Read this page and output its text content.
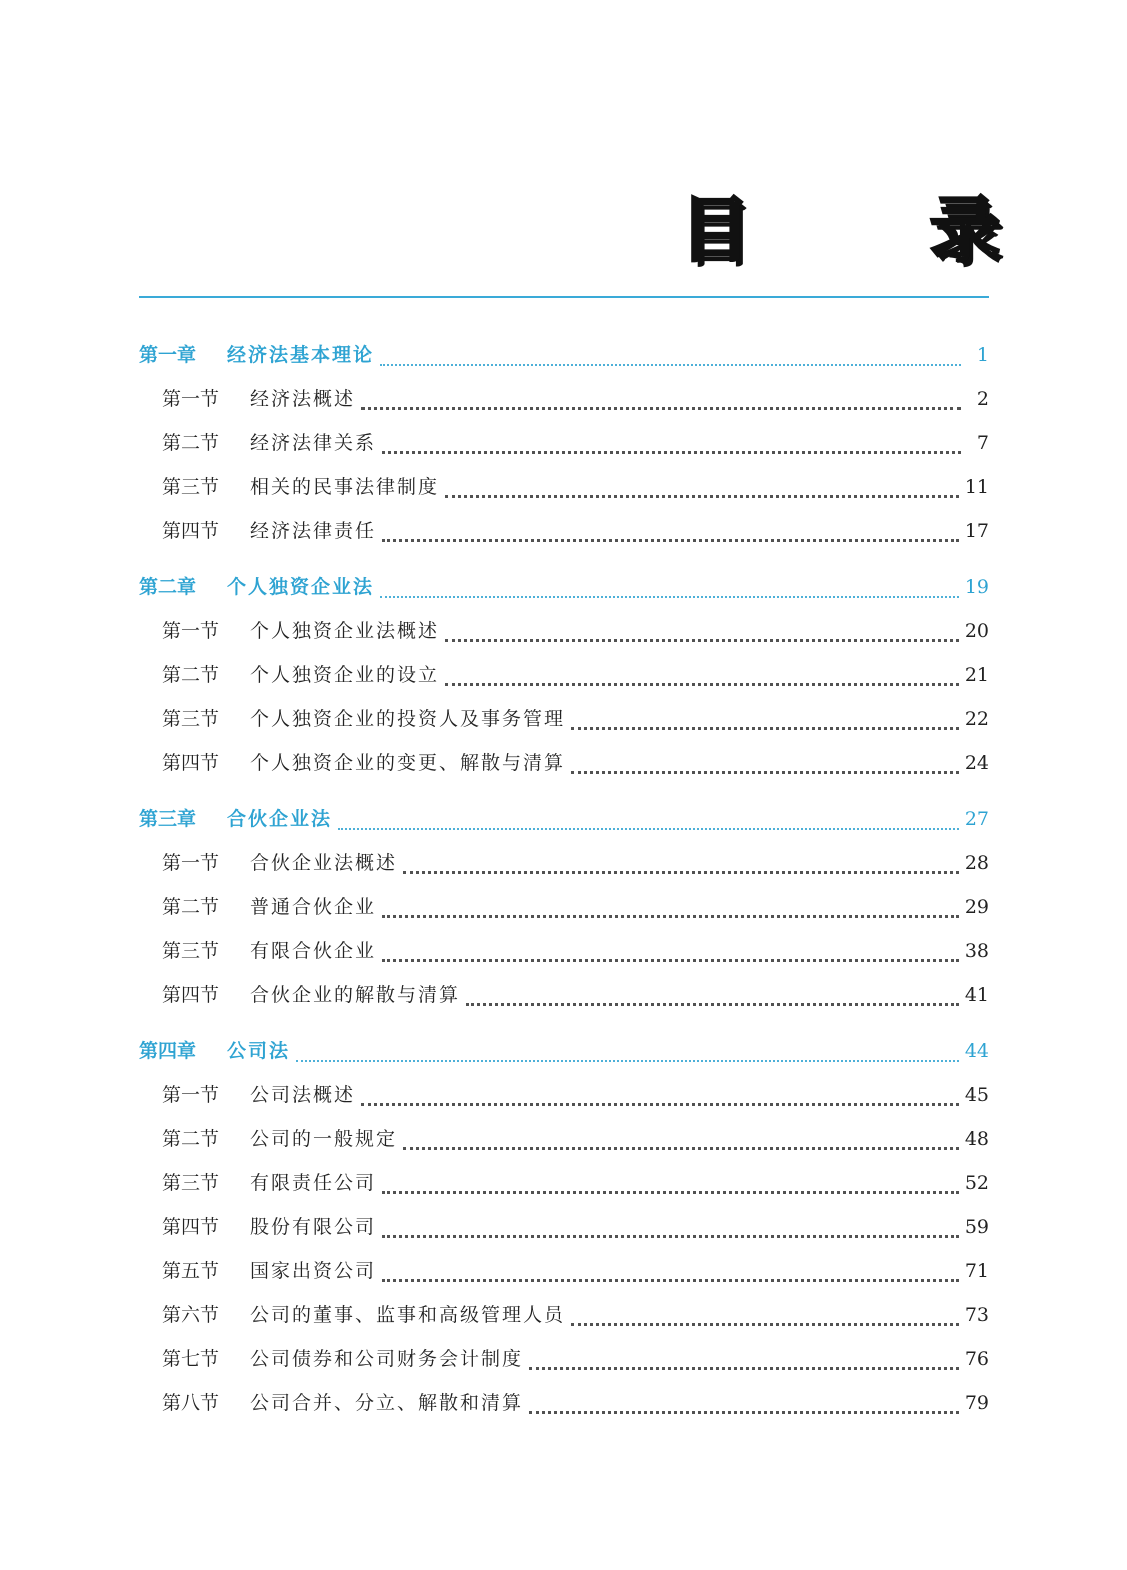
目	录
第一章	经济法基本理论	1
第一节	经济法概述	2
第二节	经济法律关系	7
第三节	相关的民事法律制度	11
第四节	经济法律责任	17
第二章	个人独资企业法	19
第一节	个人独资企业法概述	20
第二节	个人独资企业的设立	21
第三节	个人独资企业的投资人及事务管理	22
第四节	个人独资企业的变更、解散与清算	24
第三章	合伙企业法	27
第一节	合伙企业法概述	28
第二节	普通合伙企业	29
第三节	有限合伙企业	38
第四节	合伙企业的解散与清算	41
第四章	公司法	44
第一节	公司法概述	45
第二节	公司的一般规定	48
第三节	有限责任公司	52
第四节	股份有限公司	59
第五节	国家出资公司	71
第六节	公司的董事、监事和高级管理人员	73
第七节	公司债券和公司财务会计制度	76
第八节	公司合并、分立、解散和清算	79
